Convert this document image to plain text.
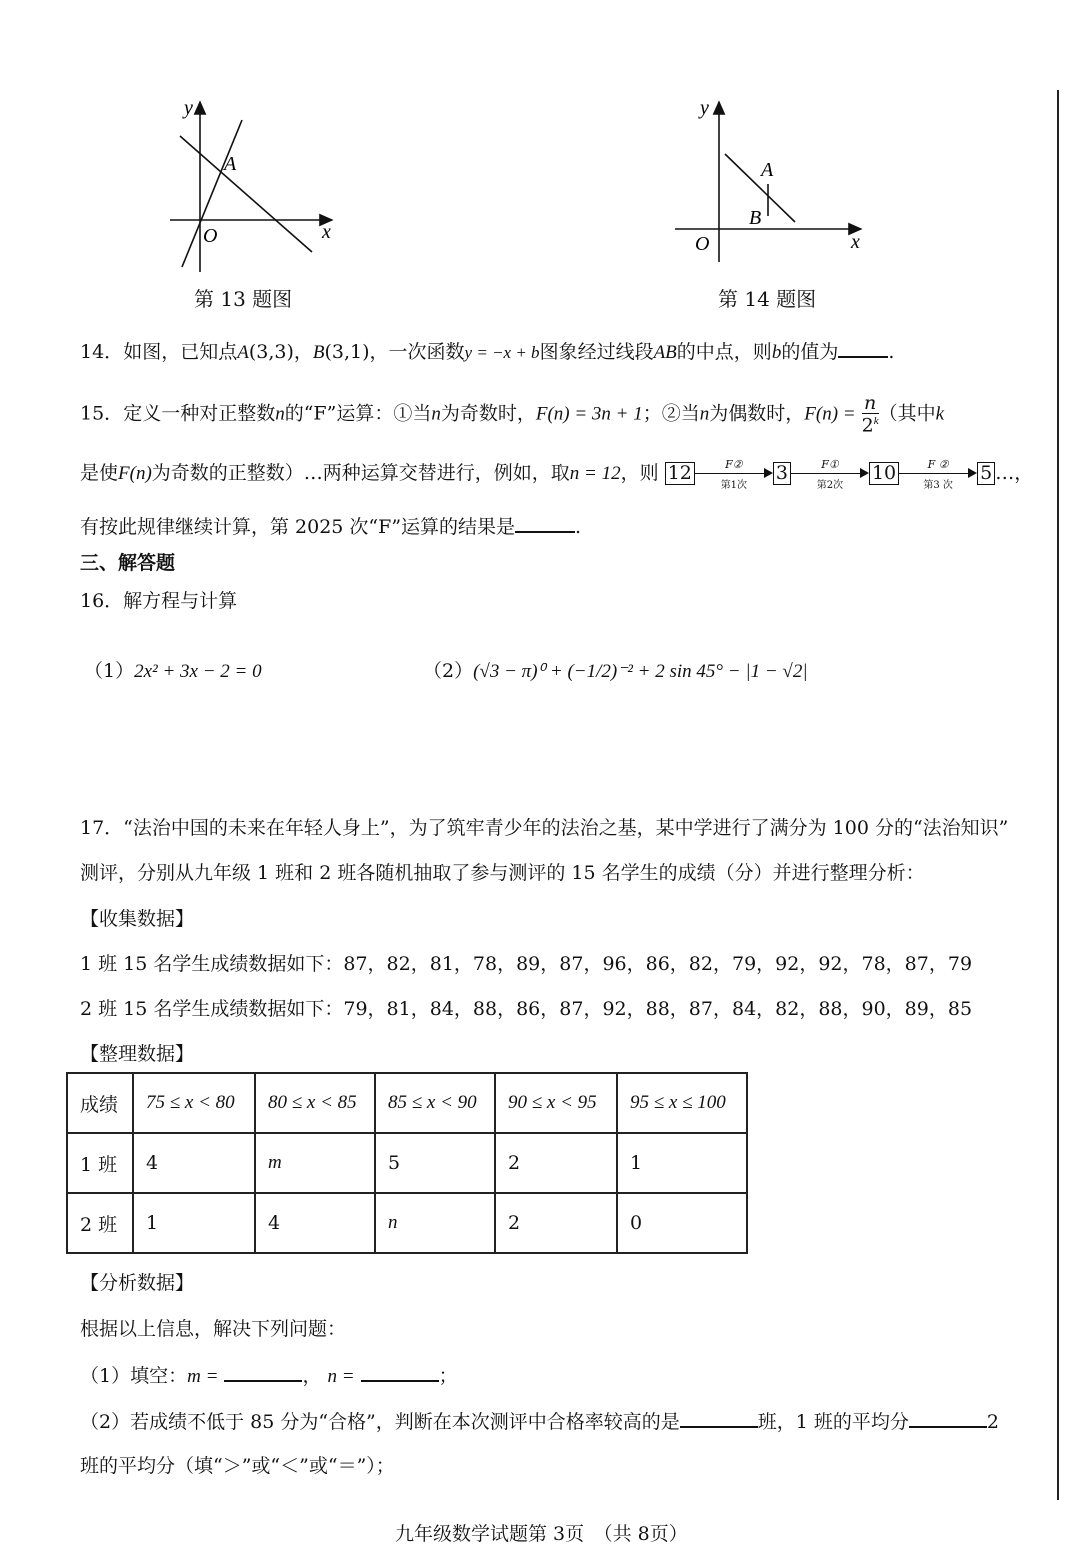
y
x
O
A
第 13 题图
y
x
O
A
B
第 14 题图
14．如图，已知点A(3,3)，B(3,1)，一次函数y = −x + b图象经过线段AB的中点，则b的值为	.
15．定义一种对正整数n的“F”运算：①当n为奇数时，F(n) = 3n + 1；②当n为偶数时，$F(n) = \frac{n}{2^k}$ （其中k
是使F(n)为奇数的正整数）…两种运算交替进行，例如，取n = 12，则 12	F②
第1次
3	F①
第2次
10	F ②
第3 次
5 …，
有按此规律继续计算，第 2025 次“F”运算的结果是	.
三、解答题
16．解方程与计算
（1）2x² + 3x − 2 = 0	（2）(√3 − π)⁰ + (−1/2)⁻² + 2 sin 45° − |1 − √2|
17．“法治中国的未来在年轻人身上”，为了筑牢青少年的法治之基，某中学进行了满分为 100 分的“法治知识”
测评，分别从九年级 1 班和 2 班各随机抽取了参与测评的 15 名学生的成绩（分）并进行整理分析：
【收集数据】
1 班 15 名学生成绩数据如下：87，82，81，78，89，87，96，86，82，79，92，92，78，87，79
2 班 15 名学生成绩数据如下：79，81，84，88，86，87，92，88，87，84，82，88，90，89，85
【整理数据】
成绩	75 ≤ x < 80	80 ≤ x < 85	85 ≤ x < 90	90 ≤ x < 95	95 ≤ x ≤ 100
1 班	4	m	5	2	1
2 班	1	4	n	2	0
【分析数据】
根据以上信息，解决下列问题：
（1）填空：m =	， n =	；
（2）若成绩不低于 85 分为“合格”，判断在本次测评中合格率较高的是	班，1 班的平均分	2
班的平均分（填“＞”或“＜”或“＝”）；
九年级数学试题第 3页　（共 8页）
